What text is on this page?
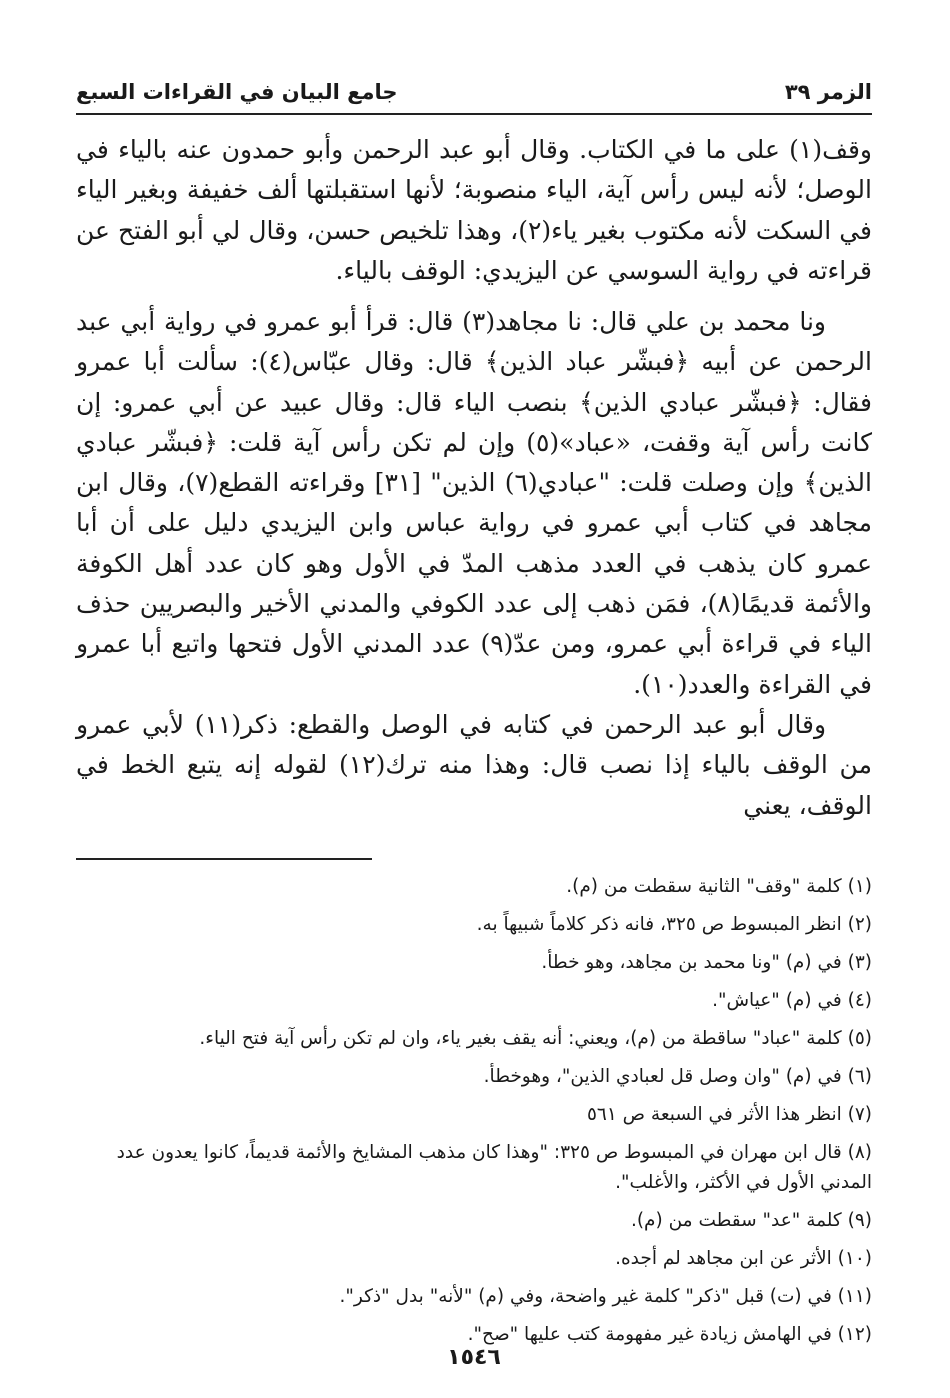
الزمر ٣٩
جامع البيان في القراءات السبع

وقف(١) على ما في الكتاب. وقال أبو عبد الرحمن وأبو حمدون عنه بالياء في الوصل؛ لأنه ليس رأس آية، الياء منصوبة؛ لأنها استقبلتها ألف خفيفة وبغير الياء في السكت لأنه مكتوب بغير ياء(٢)، وهذا تلخيص حسن، وقال لي أبو الفتح عن قراءته في رواية السوسي عن اليزيدي: الوقف بالياء.

ونا محمد بن علي قال: نا مجاهد(٣) قال: قرأ أبو عمرو في رواية أبي عبد الرحمن عن أبيه ﴿فبشّر عباد الذين﴾ قال: وقال عبّاس(٤): سألت أبا عمرو فقال: ﴿فبشّر عبادي الذين﴾ بنصب الياء قال: وقال عبيد عن أبي عمرو: إن كانت رأس آية وقفت، «عباد»(٥) وإن لم تكن رأس آية قلت: ﴿فبشّر عبادي الذين﴾ وإن وصلت قلت: "عبادي(٦) الذين" [٣١] وقراءته القطع(٧)، وقال ابن مجاهد في كتاب أبي عمرو في رواية عباس وابن اليزيدي دليل على أن أبا عمرو كان يذهب في العدد مذهب المدّ في الأول وهو كان عدد أهل الكوفة والأئمة قديمًا(٨)، فمَن ذهب إلى عدد الكوفي والمدني الأخير والبصريين حذف الياء في قراءة أبي عمرو، ومن عدّ(٩) عدد المدني الأول فتحها واتبع أبا عمرو في القراءة والعدد(١٠).

وقال أبو عبد الرحمن في كتابه في الوصل والقطع: ذكر(١١) لأبي عمرو من الوقف بالياء إذا نصب قال: وهذا منه ترك(١٢) لقوله إنه يتبع الخط في الوقف، يعني

(١) كلمة "وقف" الثانية سقطت من (م).
(٢) انظر المبسوط ص ٣٢٥، فانه ذكر كلاماً شبيهاً به.
(٣) في (م) "ونا محمد بن مجاهد، وهو خطأ.
(٤) في (م) "عياش".
(٥) كلمة "عباد" ساقطة من (م)، ويعني: أنه يقف بغير ياء، وان لم تكن رأس آية فتح الياء.
(٦) في (م) "وان وصل قل لعبادي الذين"، وهوخطأ.
(٧) انظر هذا الأثر في السبعة ص ٥٦١
(٨) قال ابن مهران في المبسوط ص ٣٢٥: "وهذا كان مذهب المشايخ والأئمة قديماً، كانوا يعدون عدد المدني الأول في الأكثر، والأغلب".
(٩) كلمة "عد" سقطت من (م).
(١٠) الأثر عن ابن مجاهد لم أجده.
(١١) في (ت) قبل "ذكر" كلمة غير واضحة، وفي (م) "لأنه" بدل "ذكر".
(١٢) في الهامش زيادة غير مفهومة كتب عليها "صح".
١٥٤٦
